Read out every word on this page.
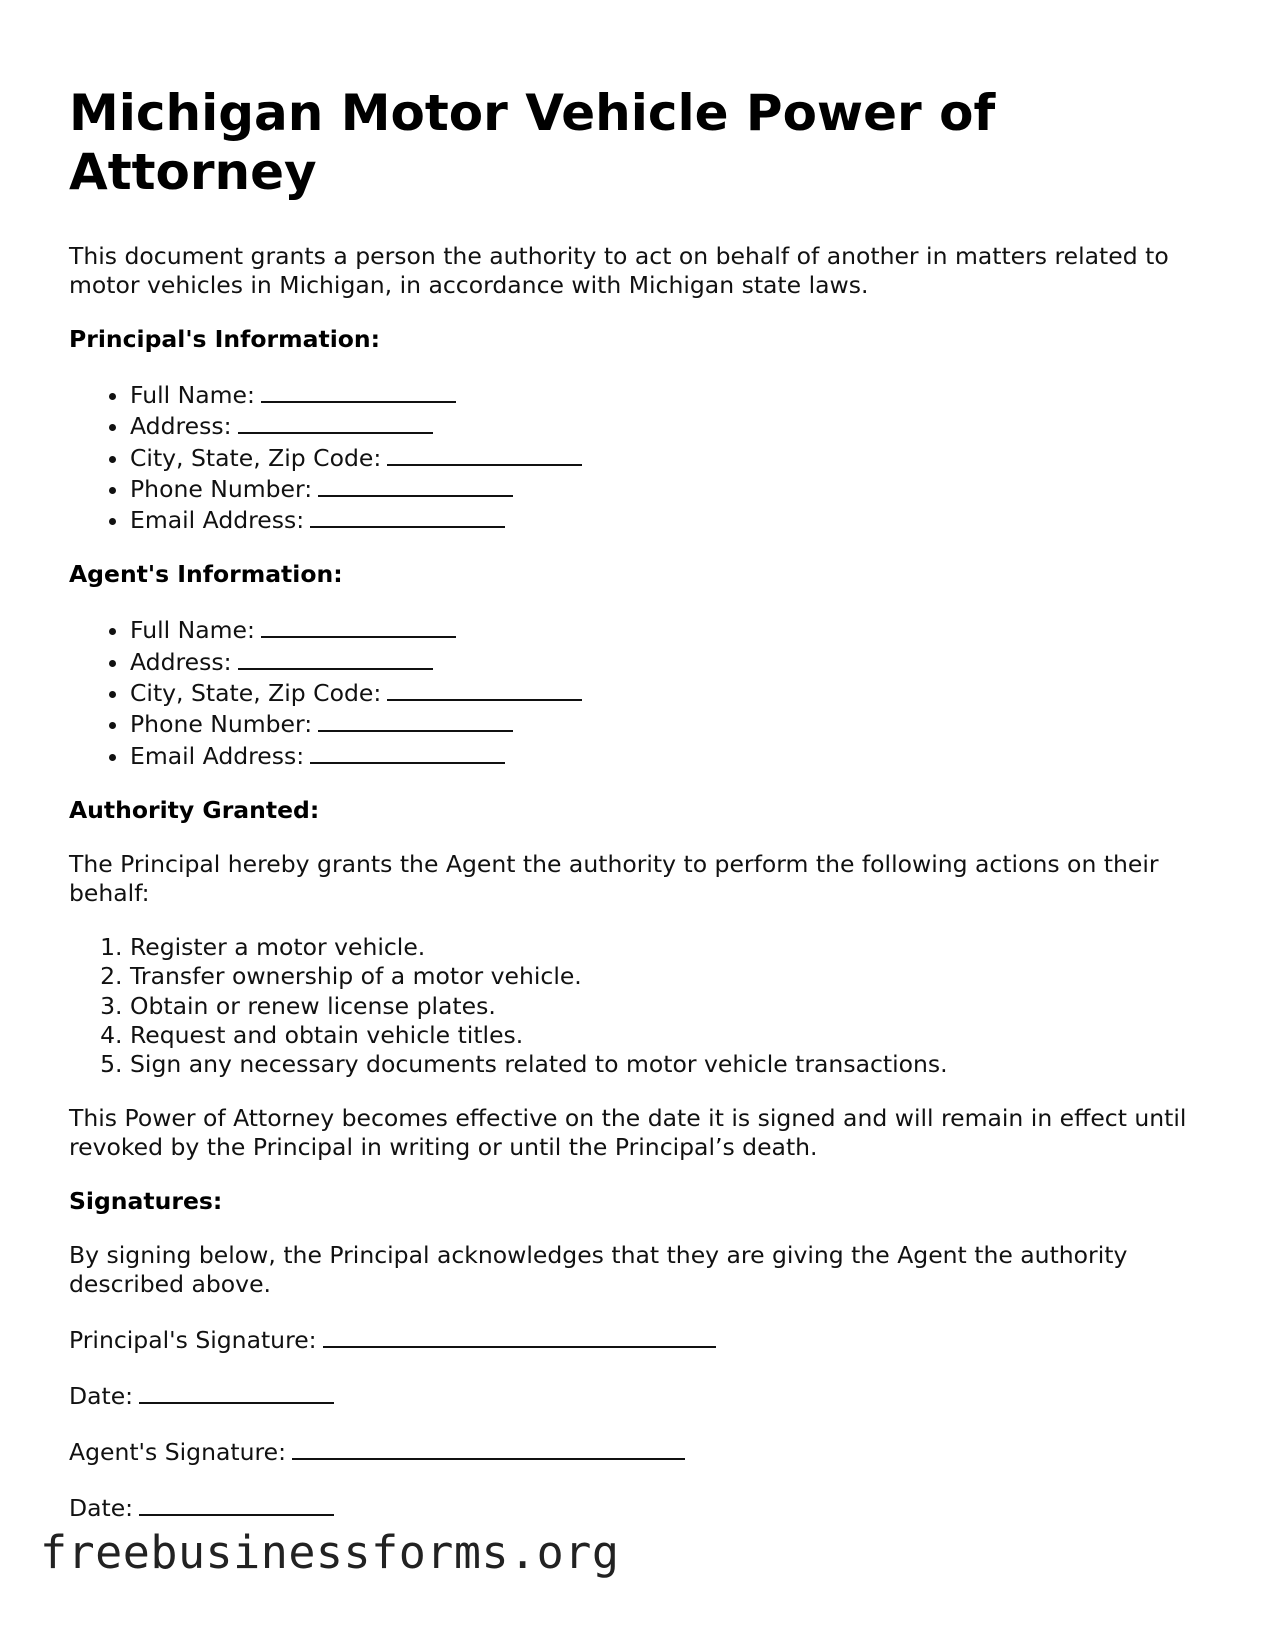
Michigan Motor Vehicle Power of Attorney

This document grants a person the authority to act on behalf of another in matters related to motor vehicles in Michigan, in accordance with Michigan state laws.

Principal's Information:
• Full Name:
• Address:
• City, State, Zip Code:
• Phone Number:
• Email Address:
Agent's Information:
• Full Name:
• Address:
• City, State, Zip Code:
• Phone Number:
• Email Address:
Authority Granted:

The Principal hereby grants the Agent the authority to perform the following actions on their behalf:

1. Register a motor vehicle.
2. Transfer ownership of a motor vehicle.
3. Obtain or renew license plates.
4. Request and obtain vehicle titles.
5. Sign any necessary documents related to motor vehicle transactions.

This Power of Attorney becomes effective on the date it is signed and will remain in effect until revoked by the Principal in writing or until the Principal’s death.

Signatures:

By signing below, the Principal acknowledges that they are giving the Agent the authority described above.

Principal's Signature:
Date:
Agent's Signature:
Date:
freebusinessforms.org
